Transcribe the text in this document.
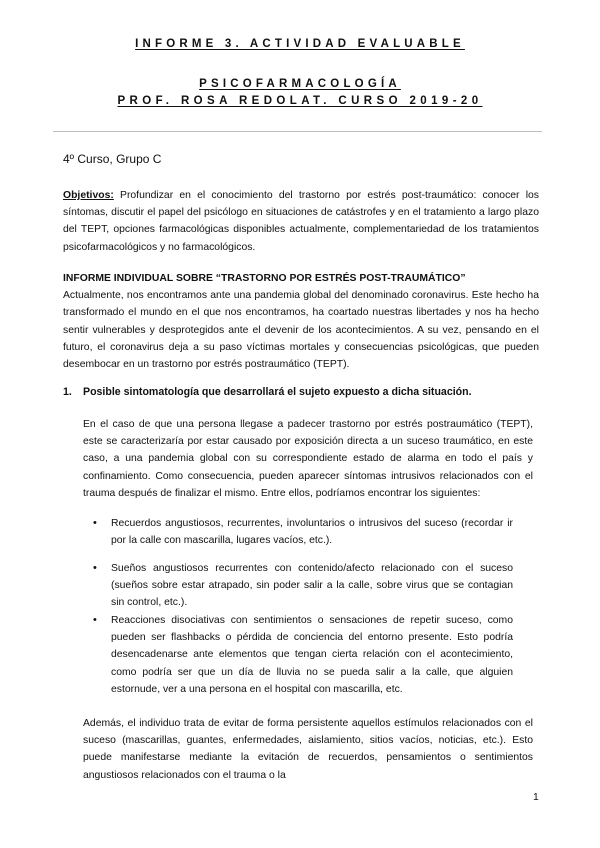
INFORME 3. ACTIVIDAD EVALUABLE
PSICOFARMACOLOGÍA
PROF. ROSA REDOLAT. CURSO 2019-20
4º Curso, Grupo C
Objetivos: Profundizar en el conocimiento del trastorno por estrés post-traumático: conocer los síntomas, discutir el papel del psicólogo en situaciones de catástrofes y en el tratamiento a largo plazo del TEPT, opciones farmacológicas disponibles actualmente, complementariedad de los tratamientos psicofarmacológicos y no farmacológicos.
INFORME INDIVIDUAL SOBRE “TRASTORNO POR ESTRÉS POST-TRAUMÁTICO”
Actualmente, nos encontramos ante una pandemia global del denominado coronavirus. Este hecho ha transformado el mundo en el que nos encontramos, ha coartado nuestras libertades y nos ha hecho sentir vulnerables y desprotegidos ante el devenir de los acontecimientos. A su vez, pensando en el futuro, el coronavirus deja a su paso víctimas mortales y consecuencias psicológicas, que pueden desembocar en un trastorno por estrés postraumático (TEPT).
1. Posible sintomatología que desarrollará el sujeto expuesto a dicha situación.
En el caso de que una persona llegase a padecer trastorno por estrés postraumático (TEPT), este se caracterizaría por estar causado por exposición directa a un suceso traumático, en este caso, a una pandemia global con su correspondiente estado de alarma en todo el país y confinamiento. Como consecuencia, pueden aparecer síntomas intrusivos relacionados con el trauma después de finalizar el mismo. Entre ellos, podríamos encontrar los siguientes:
• Recuerdos angustiosos, recurrentes, involuntarios o intrusivos del suceso (recordar ir por la calle con mascarilla, lugares vacíos, etc.).
• Sueños angustiosos recurrentes con contenido/afecto relacionado con el suceso (sueños sobre estar atrapado, sin poder salir a la calle, sobre virus que se contagian sin control, etc.).
• Reacciones disociativas con sentimientos o sensaciones de repetir suceso, como pueden ser flashbacks o pérdida de conciencia del entorno presente. Esto podría desencadenarse ante elementos que tengan cierta relación con el acontecimiento, como podría ser que un día de lluvia no se pueda salir a la calle, que alguien estornude, ver a una persona en el hospital con mascarilla, etc.
Además, el individuo trata de evitar de forma persistente aquellos estímulos relacionados con el suceso (mascarillas, guantes, enfermedades, aislamiento, sitios vacíos, noticias, etc.). Esto puede manifestarse mediante la evitación de recuerdos, pensamientos o sentimientos angustiosos relacionados con el trauma o la
1
